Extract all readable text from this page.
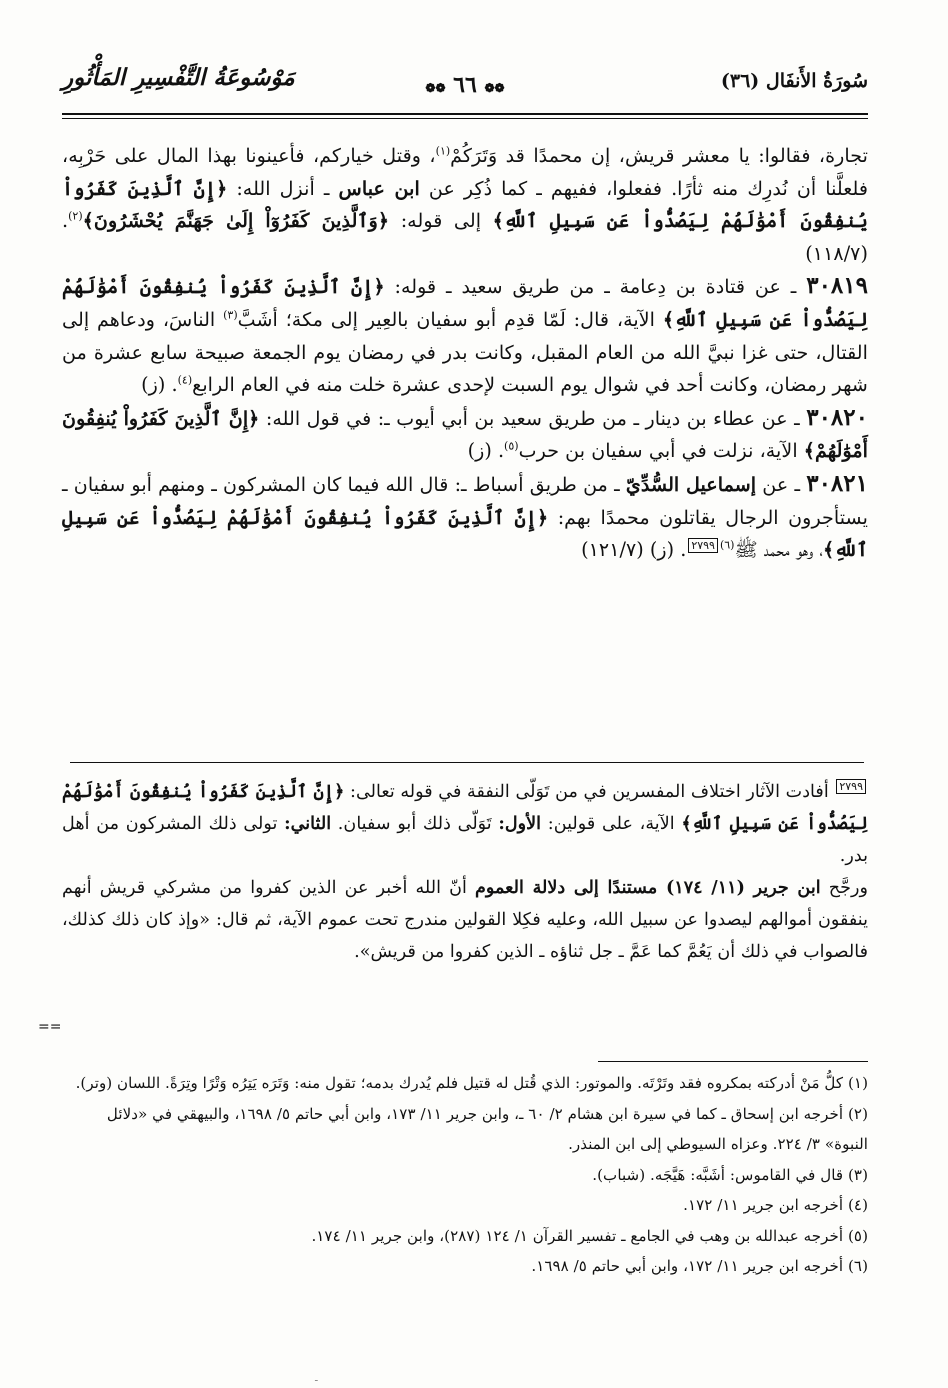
سُورَةُ الأَنفَال (٣٦)
❁❁ ٦٦ ❁❁
مَوْسُوعَةُ التَّفْسِيرِ المَأْثُورِ

تجارة، فقالوا: يا معشر قريش، إن محمدًا قد وَتَرَكُمْ$^{(١)}$، وقتل خياركم، فأعينونا بهذا المال على حَرْبِه، فلعلَّنا أن نُدرِك منه ثأرًا. ففعلوا، ففيهم ـ كما ذُكِر عن ابن عباس ـ أنزل الله: ﴿إِنَّ ٱلَّذِينَ كَفَرُواْ يُنفِقُونَ أَمْوَٰلَهُمْ لِيَصُدُّواْ عَن سَبِيلِ ٱللَّهِ﴾ إلى قوله: ﴿وَٱلَّذِينَ كَفَرُوٓاْ إِلَىٰ جَهَنَّمَ يُحْشَرُونَ﴾$^{(٢)}$. (١١٨/٧)

٣٠٨١٩ ـ عن قتادة بن دِعامة ـ من طريق سعيد ـ قوله: ﴿إِنَّ ٱلَّذِينَ كَفَرُواْ يُنفِقُونَ أَمْوَٰلَهُمْ لِيَصُدُّواْ عَن سَبِيلِ ٱللَّهِ﴾ الآية، قال: لَمّا قدِم أبو سفيان بالعِير إلى مكة؛ أشَبَّ$^{(٣)}$ الناسَ، ودعاهم إلى القتال، حتى غزا نبيَّ الله من العام المقبل، وكانت بدر في رمضان يوم الجمعة صبيحة سابع عشرة من شهر رمضان، وكانت أحد في شوال يوم السبت لإحدى عشرة خلت منه في العام الرابع$^{(٤)}$. (ز)

٣٠٨٢٠ ـ عن عطاء بن دينار ـ من طريق سعيد بن أبي أيوب ـ: في قول الله: ﴿إِنَّ ٱلَّذِينَ كَفَرُواْ يُنفِقُونَ أَمْوَٰلَهُمْ﴾ الآية، نزلت في أبي سفيان بن حرب$^{(٥)}$. (ز)

٣٠٨٢١ ـ عن إسماعيل السُّدِّيّ ـ من طريق أسباط ـ: قال الله فيما كان المشركون ـ ومنهم أبو سفيان ـ يستأجرون الرجال يقاتلون محمدًا بهم: ﴿إِنَّ ٱلَّذِينَ كَفَرُواْ يُنفِقُونَ أَمْوَٰلَهُمْ لِيَصُدُّواْ عَن سَبِيلِ ٱللَّهِ﴾، وهو محمد ﷺ$^{(٦)}$٢٧٩٩. (ز) (١٢١/٧)

٢٧٩٩ أفادت الآثار اختلاف المفسرين في من تَوَلّى النفقة في قوله تعالى: ﴿إِنَّ ٱلَّذِينَ كَفَرُواْ يُنفِقُونَ أَمْوَٰلَهُمْ لِيَصُدُّواْ عَن سَبِيلِ ٱللَّهِ﴾ الآية، على قولين: الأول: تَوَلّى ذلك أبو سفيان. الثاني: تولى ذلك المشركون من أهل بدر.

ورجَّح ابن جرير (١١/ ١٧٤) مستندًا إلى دلالة العموم أنّ الله أخبر عن الذين كفروا من مشركي قريش أنهم ينفقون أموالهم ليصدوا عن سبيل الله، وعليه فكِلا القولين مندرج تحت عموم الآية، ثم قال: «وإذ كان ذلك كذلك، فالصواب في ذلك أن يَعُمَّ كما عَمَّ ـ جل ثناؤه ـ الذين كفروا من قريش».

==

(١) كلُّ مَنْ أدركته بمكروه فقد وتَرْتَه. والموتور: الذي قُتل له قتيل فلم يُدرك بدمه؛ تقول منه: وَتَرَه يَتِرُه وَتْرًا وتِرَةً. اللسان (وتر).

(٢) أخرجه ابن إسحاق ـ كما في سيرة ابن هشام ٢/ ٦٠ ـ، وابن جرير ١١/ ١٧٣، وابن أبي حاتم ٥/ ١٦٩٨، والبيهقي في «دلائل النبوة» ٣/ ٢٢٤. وعزاه السيوطي إلى ابن المنذر.

(٣) قال في القاموس: أشَبَّه: هَيَّجَه. (شباب).

(٤) أخرجه ابن جرير ١١/ ١٧٢.

(٥) أخرجه عبدالله بن وهب في الجامع ـ تفسير القرآن ١/ ١٢٤ (٢٨٧)، وابن جرير ١١/ ١٧٤.

(٦) أخرجه ابن جرير ١١/ ١٧٢، وابن أبي حاتم ٥/ ١٦٩٨.

ـ
